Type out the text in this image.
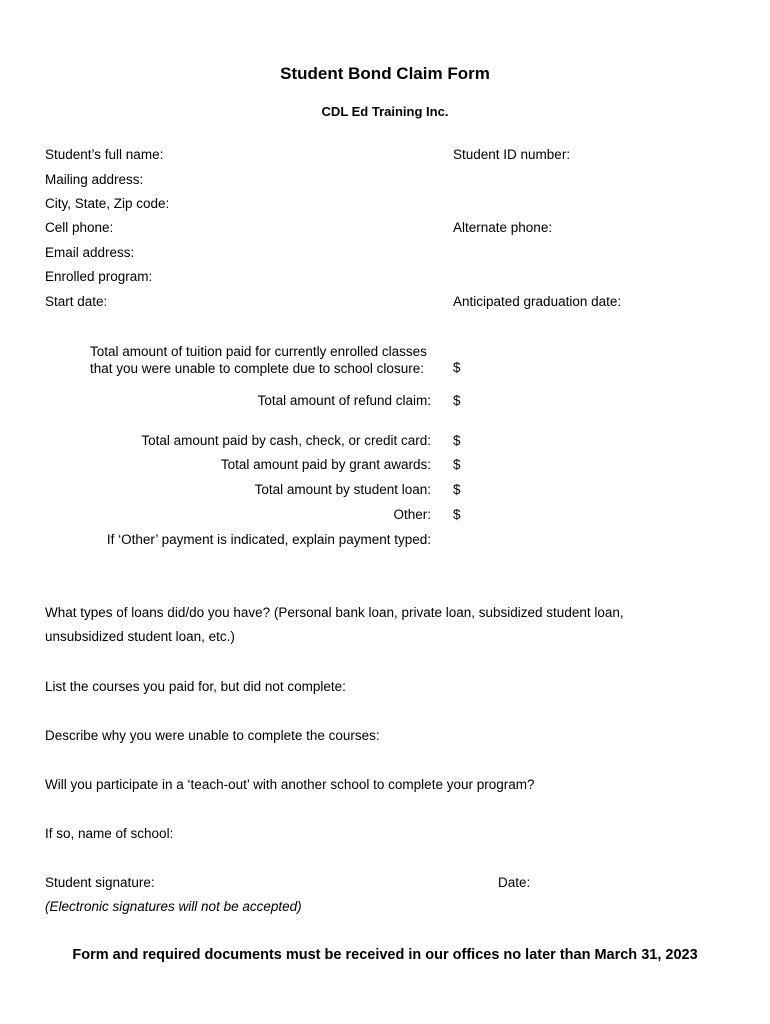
Student Bond Claim Form
CDL Ed Training Inc.
Student’s full name:	Student ID number:
Mailing address:
City, State, Zip code:
Cell phone:	Alternate phone:
Email address:
Enrolled program:
Start date:	Anticipated graduation date:
Total amount of tuition paid for currently enrolled classes
that you were unable to complete due to school closure: $
Total amount of refund claim: $
Total amount paid by cash, check, or credit card: $
Total amount paid by grant awards: $
Total amount by student loan: $
Other: $
If ‘Other’ payment is indicated, explain payment typed:
What types of loans did/do you have? (Personal bank loan, private loan, subsidized student loan,
unsubsidized student loan, etc.)
List the courses you paid for, but did not complete:
Describe why you were unable to complete the courses:
Will you participate in a ‘teach-out’ with another school to complete your program?
If so, name of school:
Student signature:	Date:
(Electronic signatures will not be accepted)
Form and required documents must be received in our offices no later than March 31, 2023
